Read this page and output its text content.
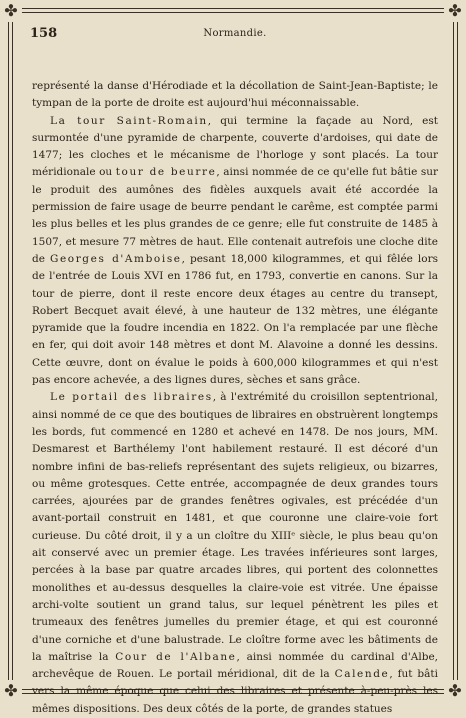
✤	✤
✤	✤
158	Normandie.

représenté la danse d'Hérodiade et la décollation de Saint-Jean-Baptiste; le tympan de la porte de droite est aujourd'hui méconnaissable.

La tour Saint-Romain, qui termine la façade au Nord, est surmontée d'une pyramide de charpente, couverte d'ardoises, qui date de 1477; les cloches et le mécanisme de l'horloge y sont placés. La tour méridionale ou tour de beurre, ainsi nommée de ce qu'elle fut bâtie sur le produit des aumônes des fidèles auxquels avait été accordée la permission de faire usage de beurre pendant le carême, est comptée parmi les plus belles et les plus grandes de ce genre; elle fut construite de 1485 à 1507, et mesure 77 mètres de haut. Elle contenait autrefois une cloche dite de Georges d'Amboise, pesant 18,000 kilogrammes, et qui fêlée lors de l'entrée de Louis XVI en 1786 fut, en 1793, convertie en canons. Sur la tour de pierre, dont il reste encore deux étages au centre du transept, Robert Becquet avait élevé, à une hauteur de 132 mètres, une élégante pyramide que la foudre incendia en 1822. On l'a remplacée par une flèche en fer, qui doit avoir 148 mètres et dont M. Alavoine a donné les dessins. Cette œuvre, dont on évalue le poids à 600,000 kilogrammes et qui n'est pas encore achevée, a des lignes dures, sèches et sans grâce.

Le portail des libraires, à l'extrémité du croisillon septentrional, ainsi nommé de ce que des boutiques de libraires en obstruèrent longtemps les bords, fut commencé en 1280 et achevé en 1478. De nos jours, MM. Desmarest et Barthélemy l'ont habilement restauré. Il est décoré d'un nombre infini de bas-reliefs représentant des sujets religieux, ou bizarres, ou même grotesques. Cette entrée, accompagnée de deux grandes tours carrées, ajourées par de grandes fenêtres ogivales, est précédée d'un avant-portail construit en 1481, et que couronne une claire-voie fort curieuse. Du côté droit, il y a un cloître du XIIIᵉ siècle, le plus beau qu'on ait conservé avec un premier étage. Les travées inférieures sont larges, percées à la base par quatre arcades libres, qui portent des colonnettes monolithes et au-dessus desquelles la claire-voie est vitrée. Une épaisse archi-volte soutient un grand talus, sur lequel pénètrent les piles et trumeaux des fenêtres jumelles du premier étage, et qui est couronné d'une corniche et d'une balustrade. Le cloître forme avec les bâtiments de la maîtrise la Cour de l'Albane, ainsi nommée du cardinal d'Albe, archevêque de Rouen. Le portail méridional, dit de la Calende, fut bâti vers la même époque que celui des libraires et présente à-peu-près les mêmes dispositions. Des deux côtés de la porte, de grandes statues
